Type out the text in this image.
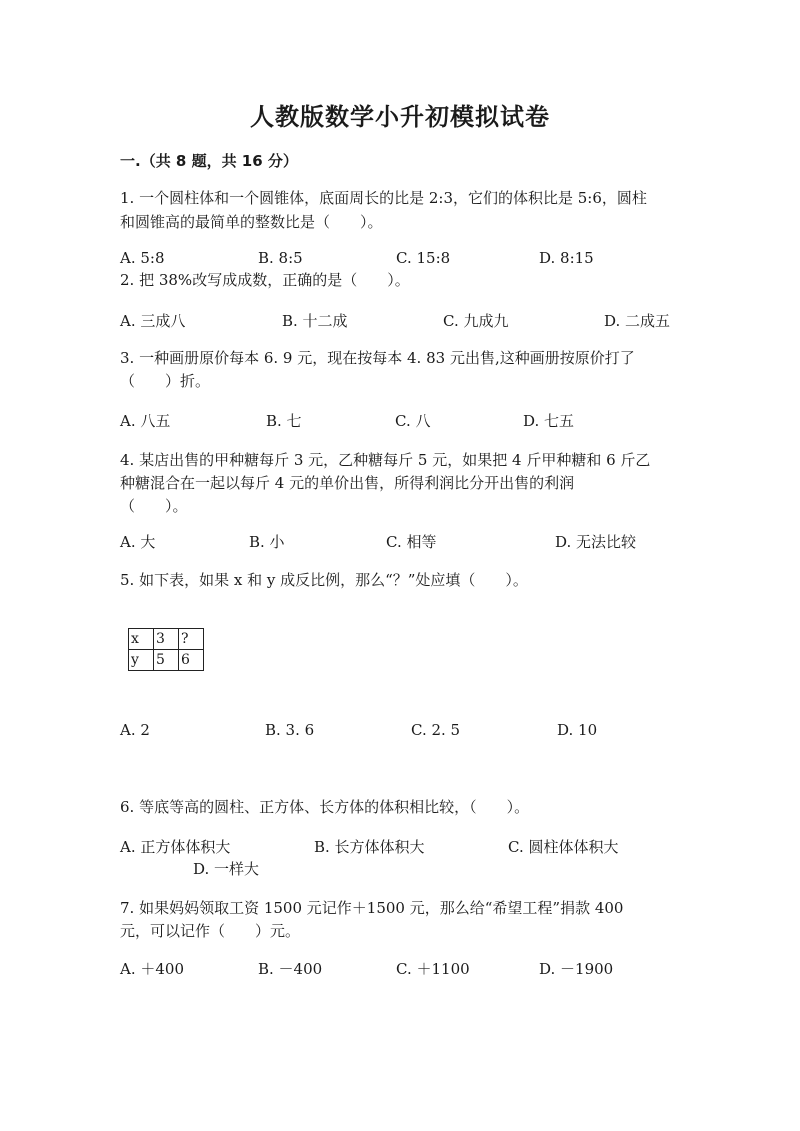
人教版数学小升初模拟试卷
一.（共 8 题，共 16 分）
1. 一个圆柱体和一个圆锥体，底面周长的比是 2:3，它们的体积比是 5:6，圆柱
和圆锥高的最简单的整数比是（　　）。
A. 5:8	B. 8:5	C. 15:8	D. 8:15
2. 把 38%改写成成数，正确的是（　　）。
A. 三成八	B. 十二成	C. 九成九	D. 二成五
3. 一种画册原价每本 6. 9 元，现在按每本 4. 83 元出售,这种画册按原价打了
（　　）折。
A. 八五	B. 七	C. 八	D. 七五
4. 某店出售的甲种糖每斤 3 元，乙种糖每斤 5 元，如果把 4 斤甲种糖和 6 斤乙
种糖混合在一起以每斤 4 元的单价出售，所得利润比分开出售的利润
（　　）。
A. 大	B. 小	C. 相等	D. 无法比较
5. 如下表，如果 x 和 y 成反比例，那么“？”处应填（　　）。
x	3	?
y	5	6
A. 2	B. 3. 6	C. 2. 5	D. 10
6. 等底等高的圆柱、正方体、长方体的体积相比较，（　　）。
A. 正方体体积大	B. 长方体体积大	C. 圆柱体体积大
D. 一样大
7. 如果妈妈领取工资 1500 元记作＋1500 元，那么给“希望工程”捐款 400
元，可以记作（　　）元。
A. ＋400	B. －400	C. ＋1100	D. －1900
